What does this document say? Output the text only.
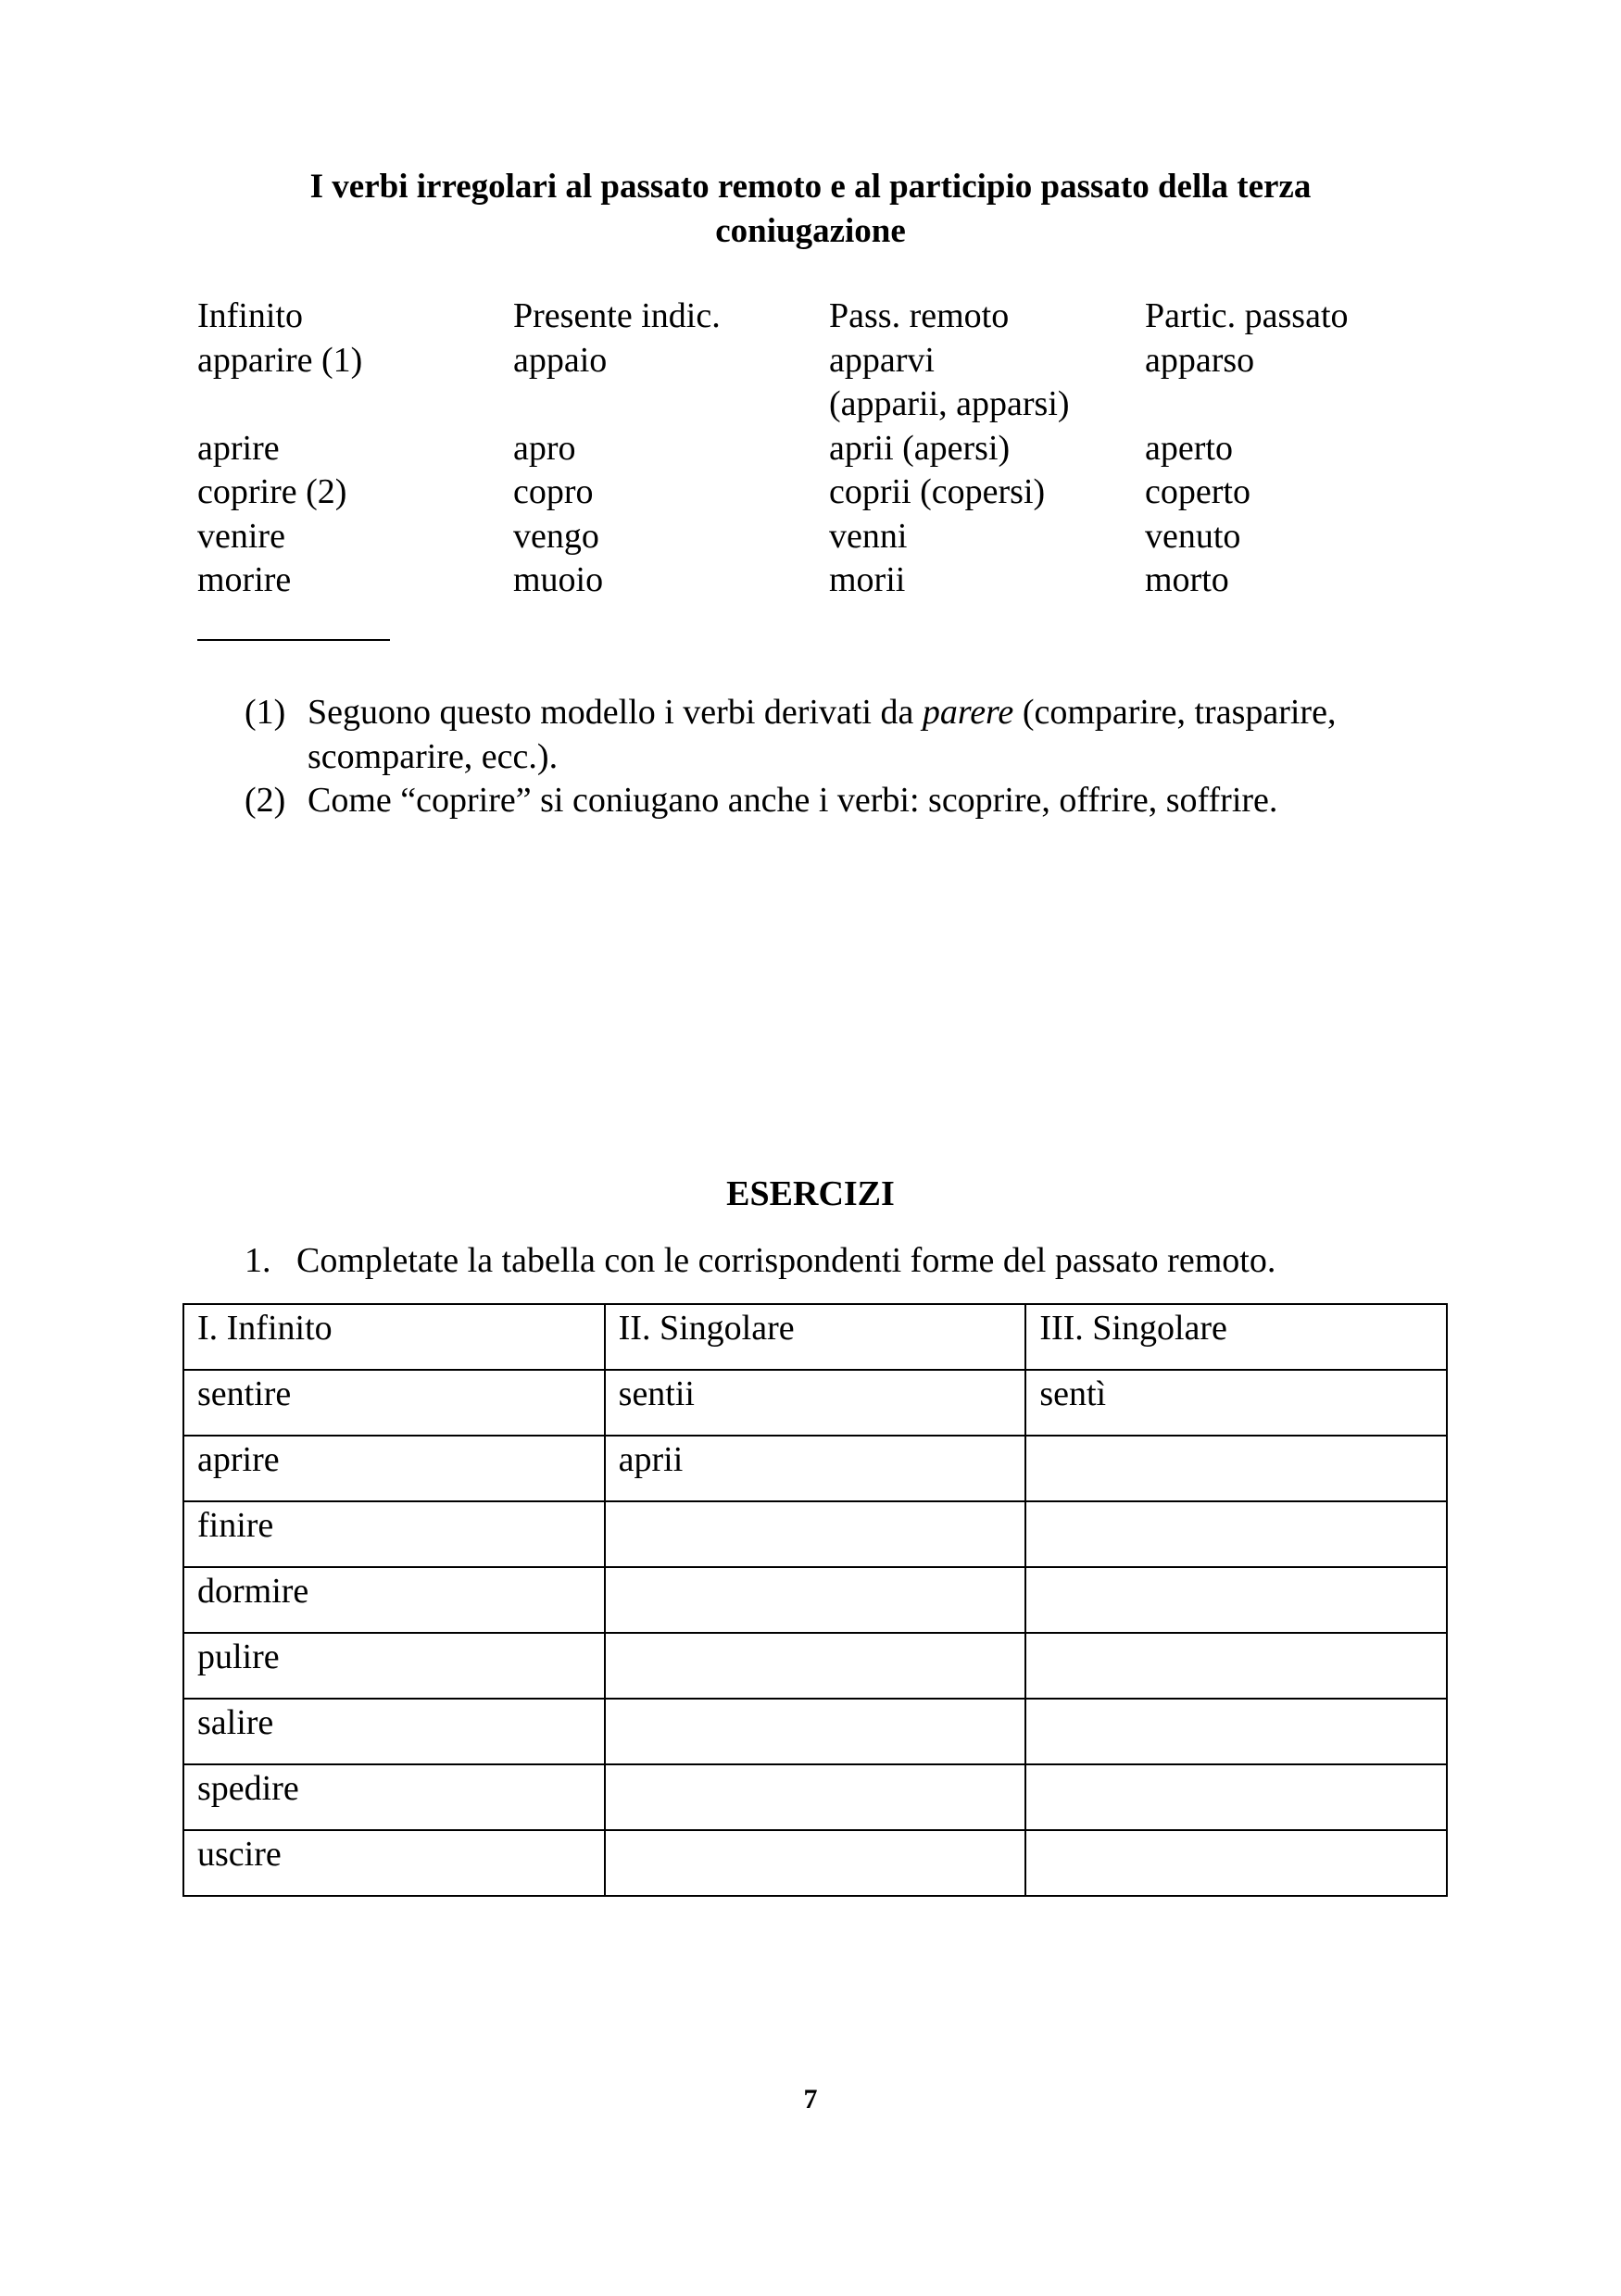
I verbi irregolari al passato remoto e al participio passato della terza
coniugazione
Infinito	Presente indic.	Pass. remoto	Partic. passato
apparire (1)	appaio	apparvi	apparso

(apparii, apparsi)

aprire	apro	aprii (apersi)	aperto
coprire (2)	copro	coprii (copersi)	coperto
venire	vengo	venni	venuto
morire	muoio	morii	morto
(1) Seguono questo modello i verbi derivati da parere (comparire, trasparire, scomparire, ecc.).
(2) Come “coprire” si coniugano anche i verbi: scoprire, offrire, soffrire.
ESERCIZI
1. Completate la tabella con le corrispondenti forme del passato remoto.
I. Infinito	II. Singolare	III. Singolare
sentire	sentii	sentì
aprire	aprii	
finire		
dormire		
pulire		
salire		
spedire		
uscire		
7
